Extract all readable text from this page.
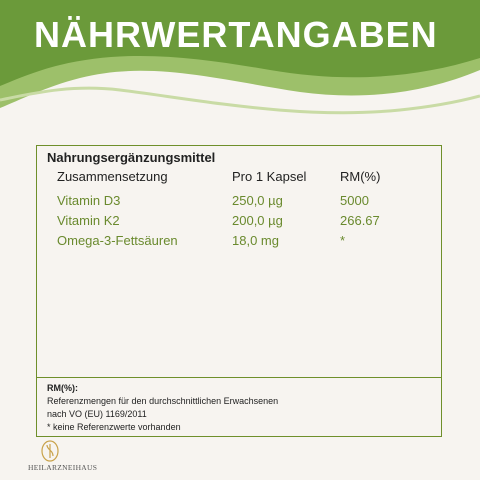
NÄHRWERTANGABEN
Nahrungsergänzungsmittel
Zusammensetzung	Pro 1 Kapsel	RM(%)
Vitamin D3	250,0 µg	5000
Vitamin K2	200,0 µg	266.67
Omega-3-Fettsäuren	18,0 mg	*
RM(%):
Referenzmengen für den durchschnittlichen Erwachsenen
nach VO (EU) 1169/2011
* keine Referenzwerte vorhanden
HEILARZNEIHAUS
